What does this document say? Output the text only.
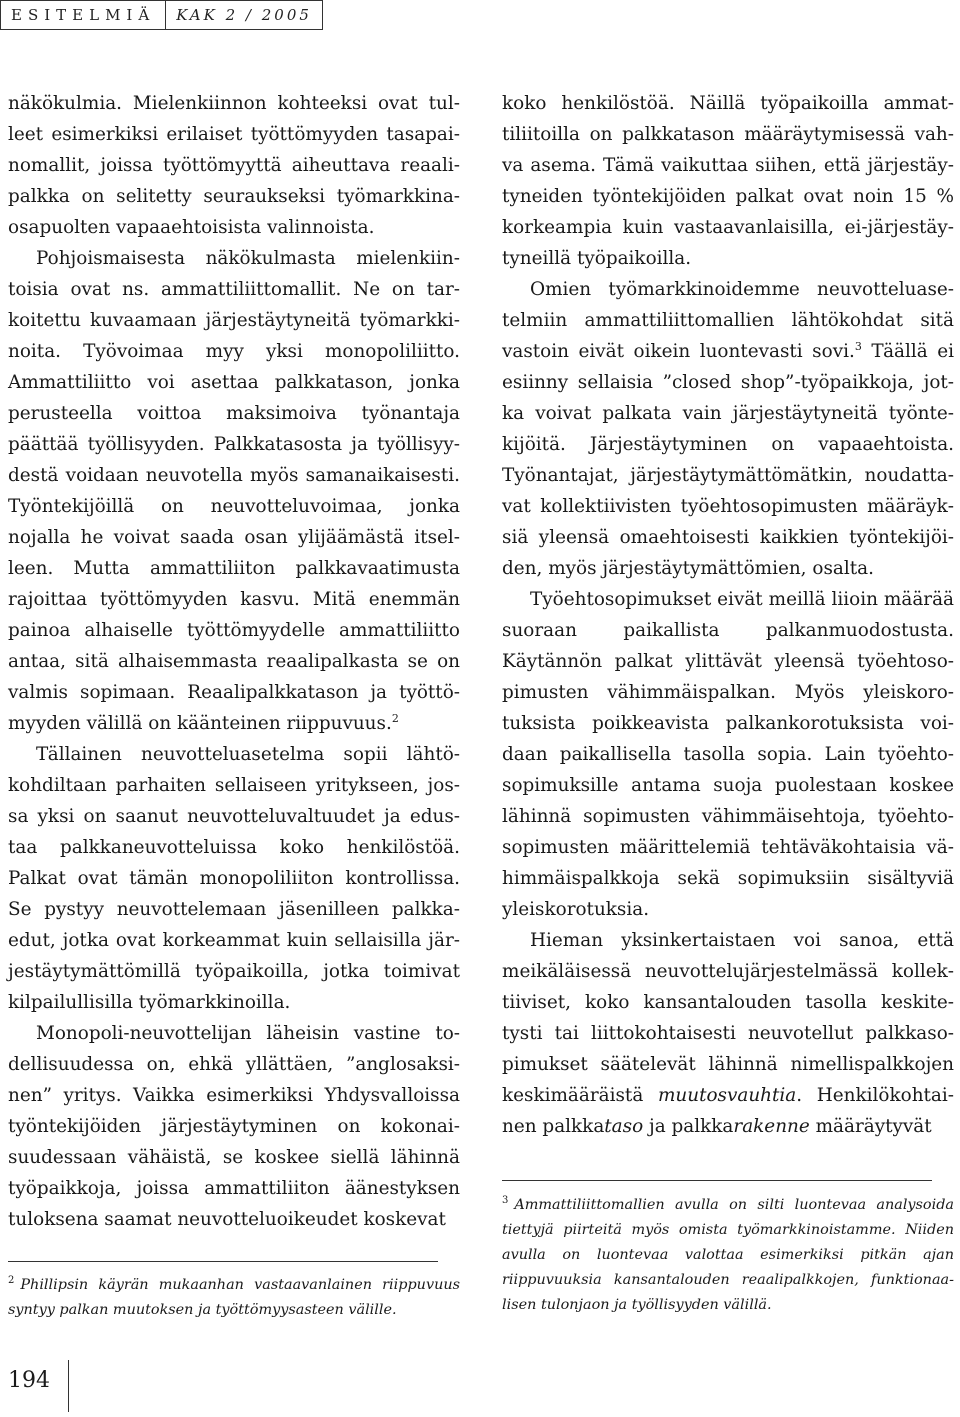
ESITELMIÄ	KAK 2 / 2005

näkökulmia. Mielenkiinnon kohteeksi ovat tulleet esimerkiksi erilaiset työttömyyden tasapainomallit, joissa työttömyyttä aiheuttava reaalipalkka on selitetty seuraukseksi työmarkkinaosapuolten vapaaehtoisista valinnoista.

Pohjoismaisesta näkökulmasta mielenkiintoisia ovat ns. ammattiliittomallit. Ne on tarkoitettu kuvaamaan järjestäytyneitä työmarkkinoita. Työvoimaa myy yksi monopoliliitto. Ammattiliitto voi asettaa palkkatason, jonka perusteella voittoa maksimoiva työnantaja päättää työllisyyden. Palkkatasosta ja työllisyydestä voidaan neuvotella myös samanaikaisesti. Työntekijöillä on neuvotteluvoimaa, jonka nojalla he voivat saada osan ylijäämästä itselleen. Mutta ammattiliiton palkkavaatimusta rajoittaa työttömyyden kasvu. Mitä enemmän painoa alhaiselle työttömyydelle ammattiliitto antaa, sitä alhaisemmasta reaalipalkasta se on valmis sopimaan. Reaalipalkkatason ja työttömyyden välillä on käänteinen riippuvuus.$^2$

Tällainen neuvotteluasetelma sopii lähtökohdiltaan parhaiten sellaiseen yritykseen, jossa yksi on saanut neuvotteluvaltuudet ja edustaa palkkaneuvotteluissa koko henkilöstöä. Palkat ovat tämän monopoliliiton kontrollissa. Se pystyy neuvottelemaan jäsenilleen palkkaedut, jotka ovat korkeammat kuin sellaisilla järjestäytymättömillä työpaikoilla, jotka toimivat kilpailullisilla työmarkkinoilla.

Monopoli-neuvottelijan läheisin vastine todellisuudessa on, ehkä yllättäen, ”anglosaksinen” yritys. Vaikka esimerkiksi Yhdysvalloissa työntekijöiden järjestäytyminen on kokonaisuudessaan vähäistä, se koskee siellä lähinnä työpaikkoja, joissa ammattiliiton äänestyksen tuloksena saamat neuvotteluoikeudet koskevat

koko henkilöstöä. Näillä työpaikoilla ammattiliitoilla on palkkatason määräytymisessä vahva asema. Tämä vaikuttaa siihen, että järjestäytyneiden työntekijöiden palkat ovat noin 15 % korkeampia kuin vastaavanlaisilla, ei-järjestäytyneillä työpaikoilla.

Omien työmarkkinoidemme neuvotteluasetelmiin ammattiliittomallien lähtökohdat sitä vastoin eivät oikein luontevasti sovi.$^3$ Täällä ei esiinny sellaisia ”closed shop”-työpaikkoja, jotka voivat palkata vain järjestäytyneitä työntekijöitä. Järjestäytyminen on vapaaehtoista. Työnantajat, järjestäytymättömätkin, noudattavat kollektiivisten työehtosopimusten määräyksiä yleensä omaehtoisesti kaikkien työntekijöiden, myös järjestäytymättömien, osalta.

Työehtosopimukset eivät meillä liioin määrää suoraan paikallista palkanmuodostusta. Käytännön palkat ylittävät yleensä työehtosopimusten vähimmäispalkan. Myös yleiskorotuksista poikkeavista palkankorotuksista voidaan paikallisella tasolla sopia. Lain työehtosopimuksille antama suoja puolestaan koskee lähinnä sopimusten vähimmäisehtoja, työehtosopimusten määrittelemiä tehtäväkohtaisia vähimmäispalkkoja sekä sopimuksiin sisältyviä yleiskorotuksia.

Hieman yksinkertaistaen voi sanoa, että meikäläisessä neuvottelujärjestelmässä kollektiiviset, koko kansantalouden tasolla keskitetysti tai liittokohtaisesti neuvotellut palkkasopimukset säätelevät lähinnä nimellispalkkojen keskimääräistä muutosvauhtia. Henkilökohtainen palkkataso ja palkkarakenne määräytyvät

$^3$ Ammattiliittomallien avulla on silti luontevaa analysoida tiettyjä piirteitä myös omista työmarkkinoistamme. Niiden avulla on luontevaa valottaa esimerkiksi pitkän ajan riippuvuuksia kansantalouden reaalipalkkojen, funktionaalisen tulonjaon ja työllisyyden välillä.
$^2$ Phillipsin käyrän mukaanhan vastaavanlainen riippuvuus syntyy palkan muutoksen ja työttömyysasteen välille.
194
